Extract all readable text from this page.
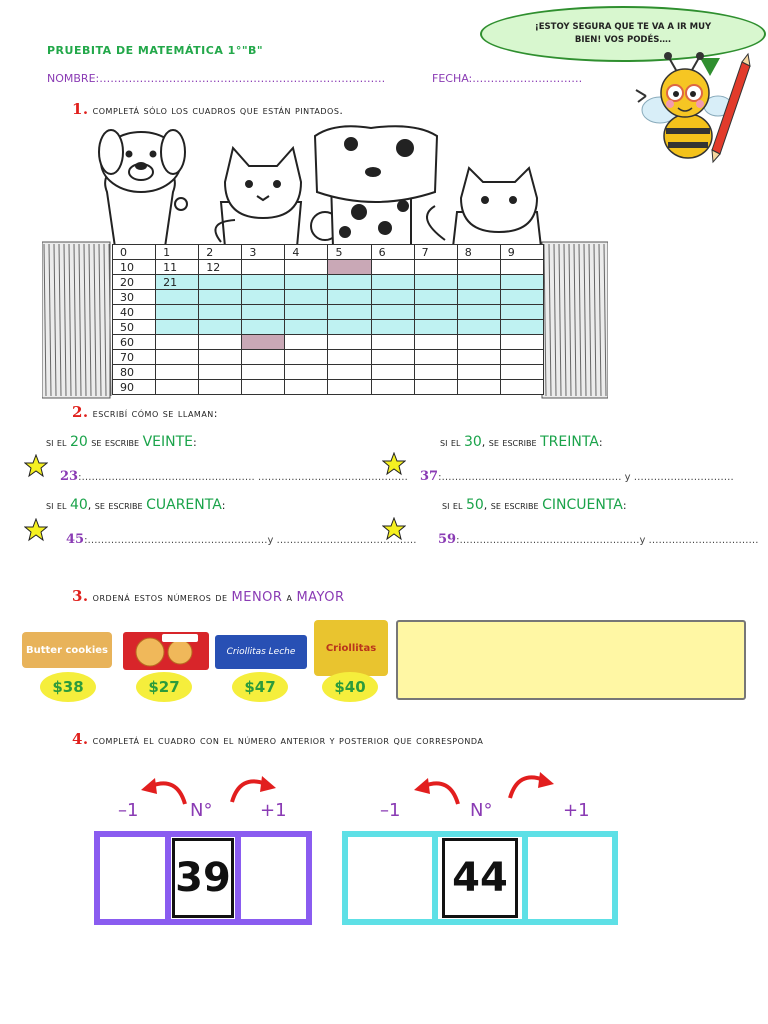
PRUEBITA DE MATEMÁTICA 1°"B"
NOMBRE:……………………………………………………………………	FECHA:…………………………
¡ESTOY SEGURA QUE TE VA A IR MUY
BIEN! VOS PODÉS….
1. completá sólo los cuadros que están pintados.
0	1	2	3	4	5	6	7	8	9
10	11	12							
20	21								
30									
40									
50									
60									
70									
80									
90									
2. escribí cómo se llaman:
si el 20 se escribe VEINTE:
23:……………………………………………. ………………………………………
si el 30, se escribe TREINTA:
37:……………………………………………… y …………………………
si el 40, se escribe CUARENTA:
45:………………………………………………y ……………………………………
si el 50, se escribe CINCUENTA:
59:………………………………………………y ……………………………
3. ordená estos números de MENOR a MAYOR
Butter cookies
$38	$27
Criollitas Leche
$47
Criollitas
$40
4. completá el cuadro con el número anterior y posterior que corresponda
–1	N°	+1
39
–1	N°	+1
44
